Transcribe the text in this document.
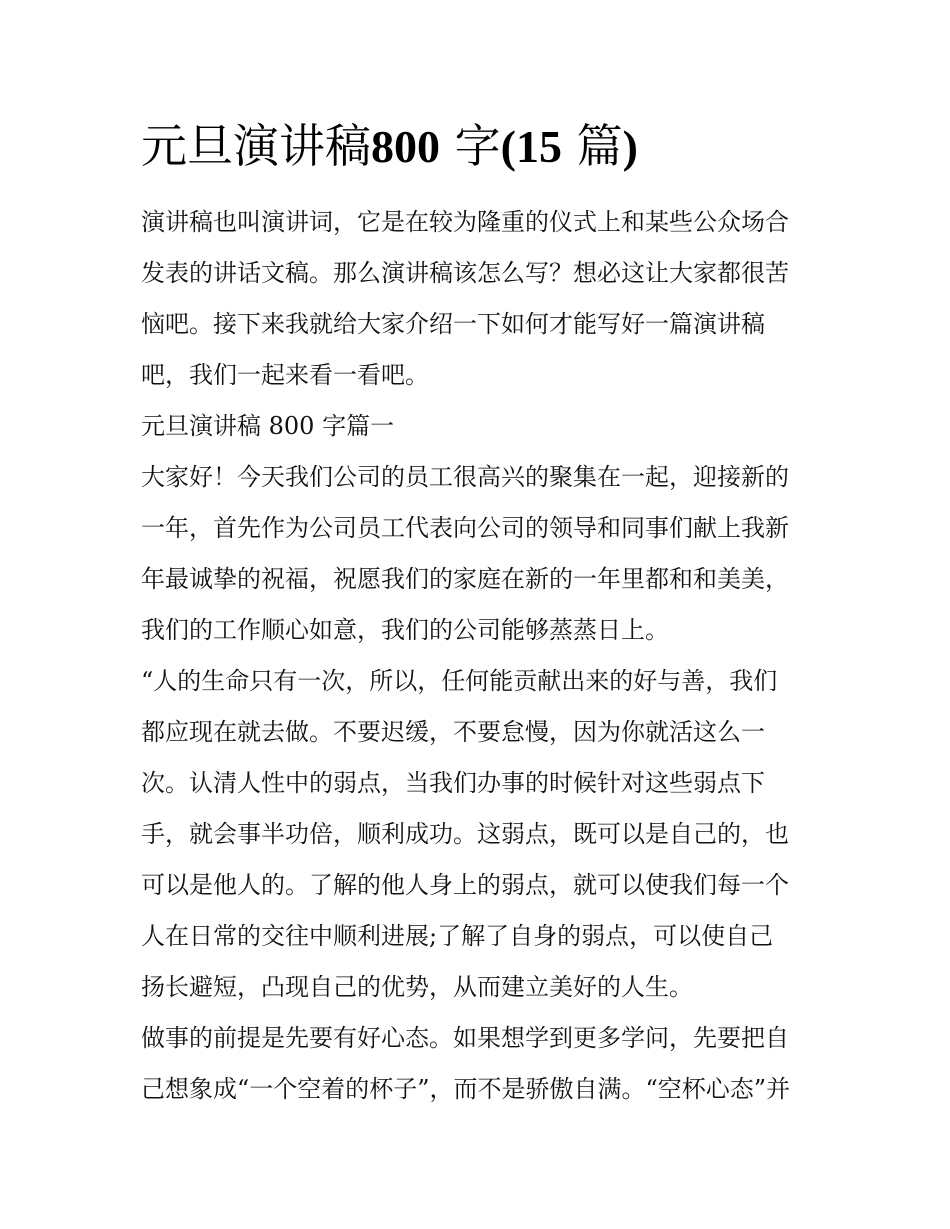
元旦演讲稿800 字(15 篇)
演讲稿也叫演讲词，它是在较为隆重的仪式上和某些公众场合
发表的讲话文稿。那么演讲稿该怎么写？想必这让大家都很苦
恼吧。接下来我就给大家介绍一下如何才能写好一篇演讲稿
吧，我们一起来看一看吧。
元旦演讲稿 800 字篇一
大家好！今天我们公司的员工很高兴的聚集在一起，迎接新的
一年，首先作为公司员工代表向公司的领导和同事们献上我新
年最诚挚的祝福，祝愿我们的家庭在新的一年里都和和美美，
我们的工作顺心如意，我们的公司能够蒸蒸日上。
“人的生命只有一次，所以，任何能贡献出来的好与善，我们
都应现在就去做。不要迟缓，不要怠慢，因为你就活这么一
次。认清人性中的弱点，当我们办事的时候针对这些弱点下
手，就会事半功倍，顺利成功。这弱点，既可以是自己的，也
可以是他人的。了解的他人身上的弱点，就可以使我们每一个
人在日常的交往中顺利进展;了解了自身的弱点，可以使自己
扬长避短，凸现自己的优势，从而建立美好的人生。
做事的前提是先要有好心态。如果想学到更多学问，先要把自
己想象成“一个空着的杯子”，而不是骄傲自满。“空杯心态”并
